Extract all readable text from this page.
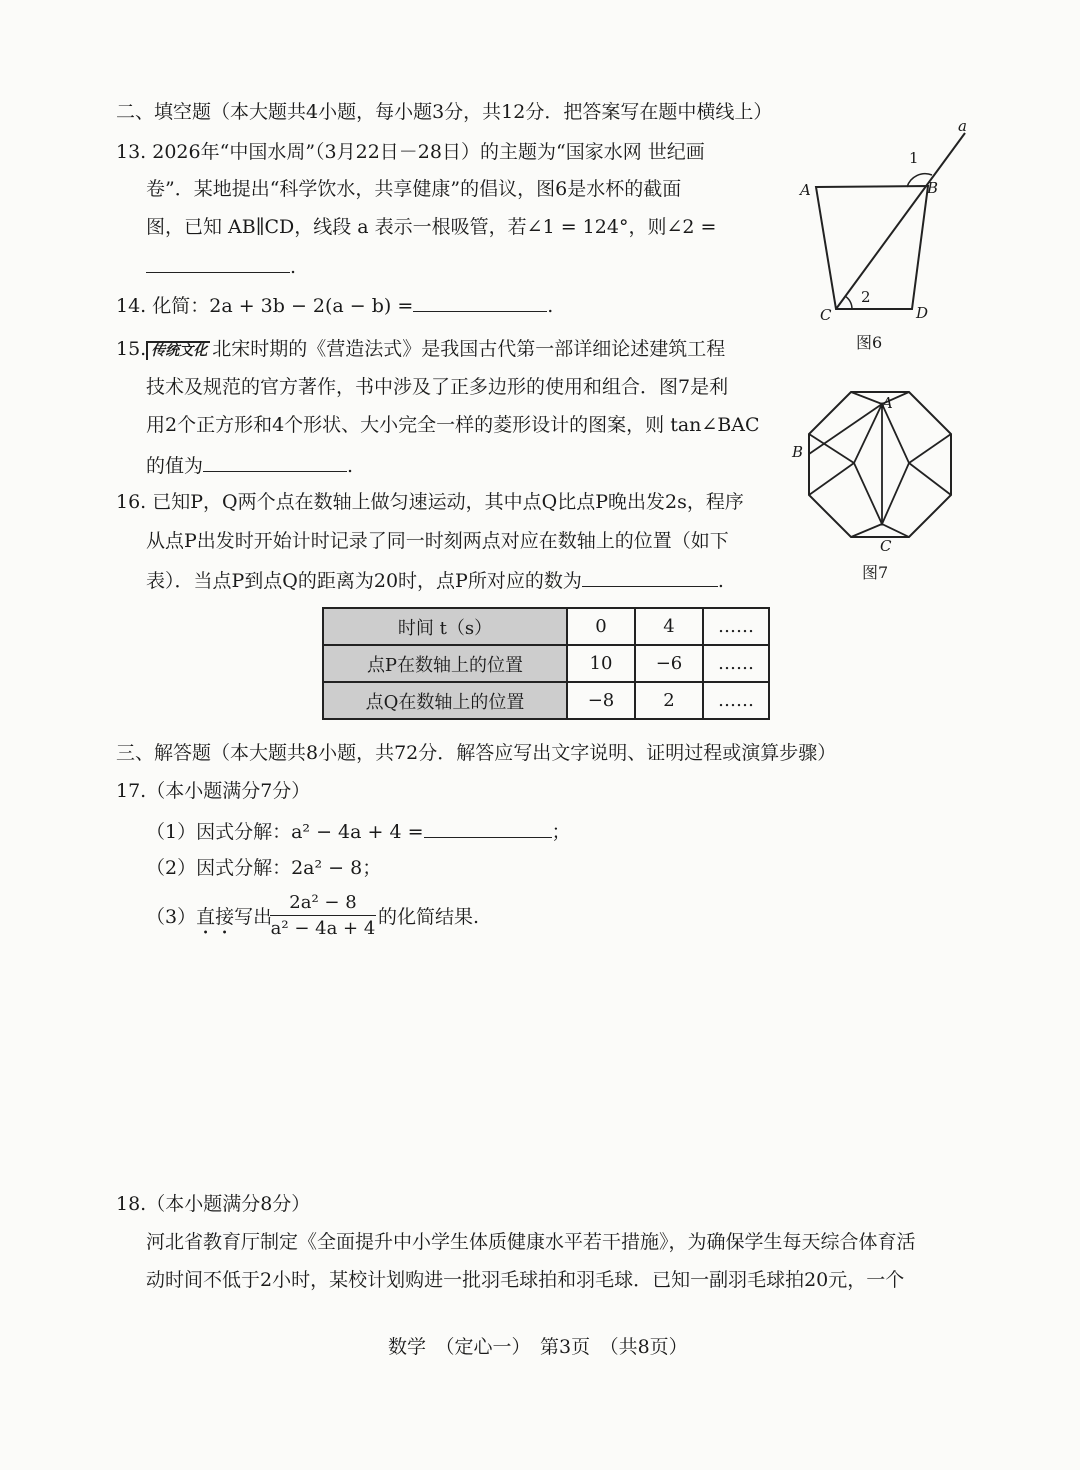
二、填空题（本大题共4小题，每小题3分，共12分．把答案写在题中横线上）
13. 2026年“中国水周”（3月22日－28日）的主题为“国家水网 世纪画
卷”．某地提出“科学饮水，共享健康”的倡议，图6是水杯的截面
图，已知 AB∥CD，线段 a 表示一根吸管，若∠1 = 124°，则∠2 =
.
14. 化简：2a + 3b − 2(a − b) =	.
15. 传统文化 北宋时期的《营造法式》是我国古代第一部详细论述建筑工程
技术及规范的官方著作，书中涉及了正多边形的使用和组合．图7是利
用2个正方形和4个形状、大小完全一样的菱形设计的图案，则 tan∠BAC
的值为	.
16. 已知P，Q两个点在数轴上做匀速运动，其中点Q比点P晚出发2s，程序
从点P出发时开始计时记录了同一时刻两点对应在数轴上的位置（如下
表）．当点P到点Q的距离为20时，点P所对应的数为	.
时间 t（s）	0	4	……
点P在数轴上的位置	10	−6	……
点Q在数轴上的位置	−8	2	……
三、解答题（本大题共8小题，共72分．解答应写出文字说明、证明过程或演算步骤）
17.（本小题满分7分）
（1）因式分解：a² − 4a + 4 =	；
（2）因式分解：2a² − 8；
（3）直接写出
2a² − 8
a² − 4a + 4
的化简结果.
18.（本小题满分8分）
河北省教育厅制定《全面提升中小学生体质健康水平若干措施》，为确保学生每天综合体育活
动时间不低于2小时，某校计划购进一批羽毛球拍和羽毛球．已知一副羽毛球拍20元，一个
数学　（定心一）　第3页　（共8页）
A	B
C	D
a
1
2
图6
A
B
C
图7
